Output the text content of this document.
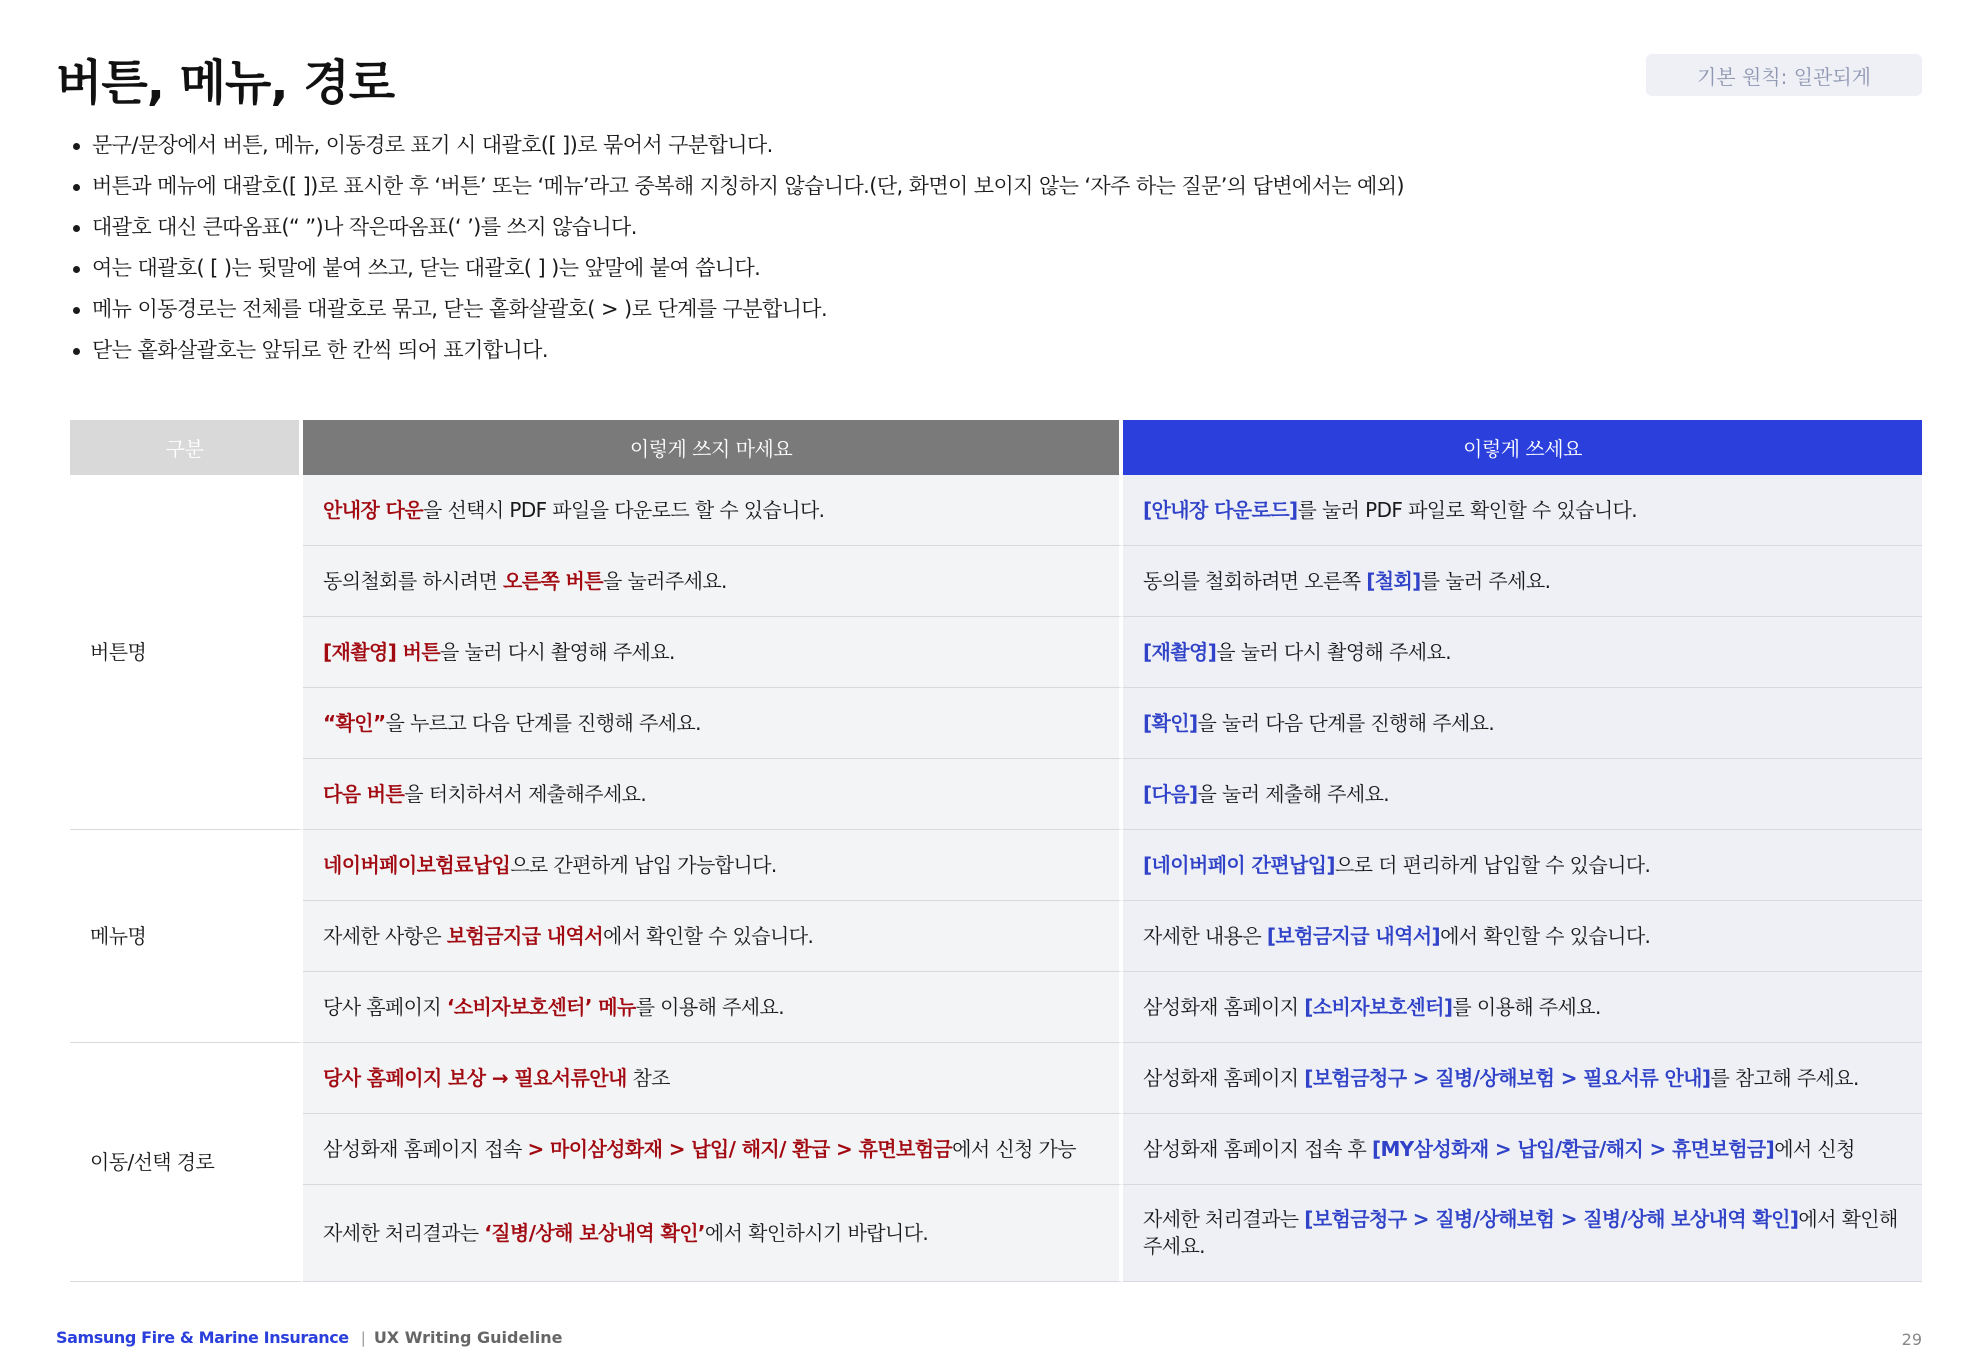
버튼, 메뉴, 경로	기본 원칙: 일관되게
문구/문장에서 버튼, 메뉴, 이동경로 표기 시 대괄호([ ])로 묶어서 구분합니다.
버튼과 메뉴에 대괄호([ ])로 표시한 후 ‘버튼’ 또는 ‘메뉴’라고 중복해 지칭하지 않습니다.(단, 화면이 보이지 않는 ‘자주 하는 질문’의 답변에서는 예외)
대괄호 대신 큰따옴표(“ ”)나 작은따옴표(‘ ’)를 쓰지 않습니다.
여는 대괄호( [ )는 뒷말에 붙여 쓰고, 닫는 대괄호( ] )는 앞말에 붙여 씁니다.
메뉴 이동경로는 전체를 대괄호로 묶고, 닫는 홑화살괄호( > )로 단계를 구분합니다.
닫는 홑화살괄호는 앞뒤로 한 칸씩 띄어 표기합니다.
구분	이렇게 쓰지 마세요	이렇게 쓰세요
버튼명	안내장 다운을 선택시 PDF 파일을 다운로드 할 수 있습니다.	[안내장 다운로드]를 눌러 PDF 파일로 확인할 수 있습니다.
	동의철회를 하시려면 오른쪽 버튼을 눌러주세요.	동의를 철회하려면 오른쪽 [철회]를 눌러 주세요.
	[재촬영] 버튼을 눌러 다시 촬영해 주세요.	[재촬영]을 눌러 다시 촬영해 주세요.
	“확인”을 누르고 다음 단계를 진행해 주세요.	[확인]을 눌러 다음 단계를 진행해 주세요.
	다음 버튼을 터치하셔서 제출해주세요.	[다음]을 눌러 제출해 주세요.
메뉴명	네이버페이보험료납입으로 간편하게 납입 가능합니다.	[네이버페이 간편납입]으로 더 편리하게 납입할 수 있습니다.
	자세한 사항은 보험금지급 내역서에서 확인할 수 있습니다.	자세한 내용은 [보험금지급 내역서]에서 확인할 수 있습니다.
	당사 홈페이지 ‘소비자보호센터’ 메뉴를 이용해 주세요.	삼성화재 홈페이지 [소비자보호센터]를 이용해 주세요.
이동/선택 경로	당사 홈페이지 보상 → 필요서류안내 참조	삼성화재 홈페이지 [보험금청구 > 질병/상해보험 > 필요서류 안내]를 참고해 주세요.
	삼성화재 홈페이지 접속 > 마이삼성화재 > 납입/ 해지/ 환급 > 휴면보험금에서 신청 가능	삼성화재 홈페이지 접속 후 [MY삼성화재 > 납입/환급/해지 > 휴면보험금]에서 신청
	자세한 처리결과는 ‘질병/상해 보상내역 확인’에서 확인하시기 바랍니다.	자세한 처리결과는 [보험금청구 > 질병/상해보험 > 질병/상해 보상내역 확인]에서 확인해 주세요.
Samsung Fire & Marine Insurance | UX Writing Guideline	29
